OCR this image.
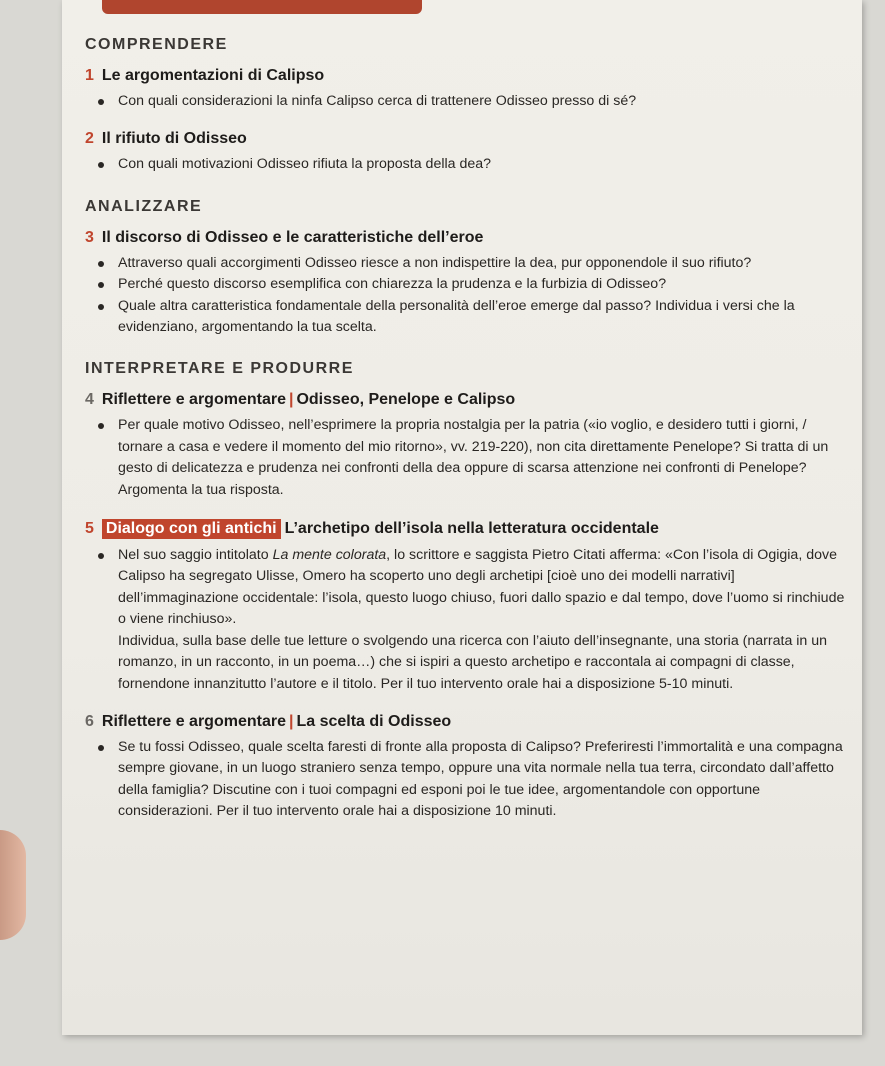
COMPRENDERE
1 Le argomentazioni di Calipso

Con quali considerazioni la ninfa Calipso cerca di trattenere Odisseo presso di sé?

2 Il rifiuto di Odisseo

Con quali motivazioni Odisseo rifiuta la proposta della dea?

ANALIZZARE
3 Il discorso di Odisseo e le caratteristiche dell’eroe

Attraverso quali accorgimenti Odisseo riesce a non indispettire la dea, pur opponendole il suo rifiuto?

Perché questo discorso esemplifica con chiarezza la prudenza e la furbizia di Odisseo?

Quale altra caratteristica fondamentale della personalità dell’eroe emerge dal passo? Individua i versi che la evidenziano, argomentando la tua scelta.

INTERPRETARE E PRODURRE
4 Riflettere e argomentare | Odisseo, Penelope e Calipso

Per quale motivo Odisseo, nell’esprimere la propria nostalgia per la patria («io voglio, e desidero tutti i giorni, / tornare a casa e vedere il momento del mio ritorno», vv. 219-220), non cita direttamente Penelope? Si tratta di un gesto di delicatezza e prudenza nei confronti della dea oppure di scarsa attenzione nei confronti di Penelope? Argomenta la tua risposta.

5 Dialogo con gli antichi L’archetipo dell’isola nella letteratura occidentale

Nel suo saggio intitolato La mente colorata, lo scrittore e saggista Pietro Citati afferma: «Con l’isola di Ogigia, dove Calipso ha segregato Ulisse, Omero ha scoperto uno degli archetipi [cioè uno dei modelli narrativi] dell’immaginazione occidentale: l’isola, questo luogo chiuso, fuori dallo spazio e dal tempo, dove l’uomo si rinchiude o viene rinchiuso».

Individua, sulla base delle tue letture o svolgendo una ricerca con l’aiuto dell’insegnante, una storia (narrata in un romanzo, in un racconto, in un poema…) che si ispiri a questo archetipo e raccontala ai compagni di classe, fornendone innanzitutto l’autore e il titolo. Per il tuo intervento orale hai a disposizione 5-10 minuti.

6 Riflettere e argomentare | La scelta di Odisseo

Se tu fossi Odisseo, quale scelta faresti di fronte alla proposta di Calipso? Preferiresti l’immortalità e una compagna sempre giovane, in un luogo straniero senza tempo, oppure una vita normale nella tua terra, circondato dall’affetto della famiglia? Discutine con i tuoi compagni ed esponi poi le tue idee, argomentandole con opportune considerazioni. Per il tuo intervento orale hai a disposizione 10 minuti.
